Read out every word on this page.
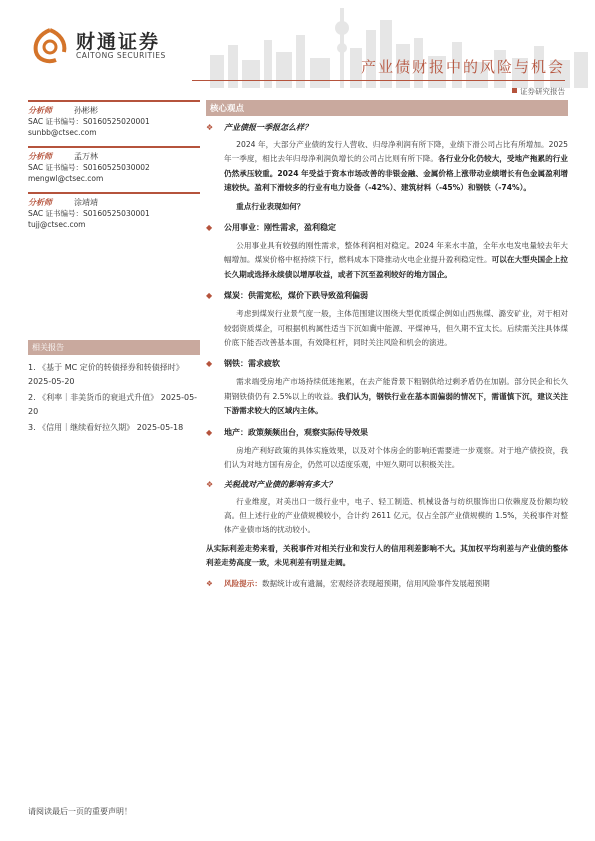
财通证券
CAITONG SECURITIES
产业债财报中的风险与机会
证券研究报告
分析师	孙彬彬
SAC 证书编号：S0160525020001
sunbb@ctsec.com
分析师	孟万林
SAC 证书编号：S0160525030002
mengwl@ctsec.com
分析师	涂靖靖
SAC 证书编号：S0160525030001
tujj@ctsec.com
相关报告
1. 《基于 MC 定价的转债择券和转债择时》 2025-05-20
2. 《利率｜非美货币的衰退式升值》 2025-05-20
3. 《信用｜继续看好拉久期》 2025-05-18
核心观点
❖ 产业债报一季报怎么样？

2024 年，大部分产业债的发行人营收、归母净利润有所下降，业绩下滑公司占比有所增加。2025 年一季度，相比去年归母净利润负增长的公司占比则有所下降。各行业分化仍较大，受地产拖累的行业仍然承压较重。2024 年受益于资本市场改善的非银金融、金属价格上涨带动业绩增长有色金属盈利增速较快。盈利下滑较多的行业有电力设备（-42%）、建筑材料（-45%）和钢铁（-74%）。

重点行业表现如何？

◆ 公用事业：刚性需求，盈利稳定

公用事业具有较强的刚性需求，整体利润相对稳定。2024 年来水丰盈，全年水电发电量较去年大幅增加。煤炭价格中枢持续下行，燃料成本下降推动火电企业提升盈利稳定性。可以在大型央国企上拉长久期或选择永续债以增厚收益，或者下沉至盈利较好的地方国企。

◆ 煤炭：供需宽松，煤价下跌导致盈利偏弱

考虑到煤炭行业景气度一般，主体范围建议围绕大型优质煤企例如山西焦煤、潞安矿业，对于相对较弱资质煤企，可根据机构属性适当下沉如冀中能源、平煤神马，但久期不宜太长。后续需关注具体煤价底下能否改善基本面，有效降杠杆，同时关注风险和机会的演进。

◆ 钢铁：需求疲软

需求端受房地产市场持续低迷拖累，在去产能背景下粗钢供给过剩矛盾仍在加剧。部分民企和长久期钢铁债仍有 2.5%以上的收益。我们认为，钢铁行业在基本面偏弱的情况下，需谨慎下沉，建议关注下游需求较大的区域内主体。

◆ 地产：政策频频出台，观察实际传导效果

房地产利好政策的具体实施效果，以及对个体房企的影响还需要进一步观察。对于地产债投资，我们认为对地方国有房企，仍然可以适度乐观，中短久期可以积极关注。

❖ 关税战对产业债的影响有多大？

行业维度，对美出口一级行业中，电子、轻工制造、机械设备与纺织服饰出口依赖度及份额均较高。但上述行业的产业债规模较小，合计约 2611 亿元，仅占全部产业债规模的 1.5%，关税事件对整体产业债市场的扰动较小。

从实际利差走势来看，关税事件对相关行业和发行人的信用利差影响不大。其加权平均利差与产业债的整体利差走势高度一致，未见利差有明显走阔。

❖ 风险提示：数据统计或有遗漏，宏观经济表现超预期，信用风险事件发展超预期
请阅读最后一页的重要声明！
